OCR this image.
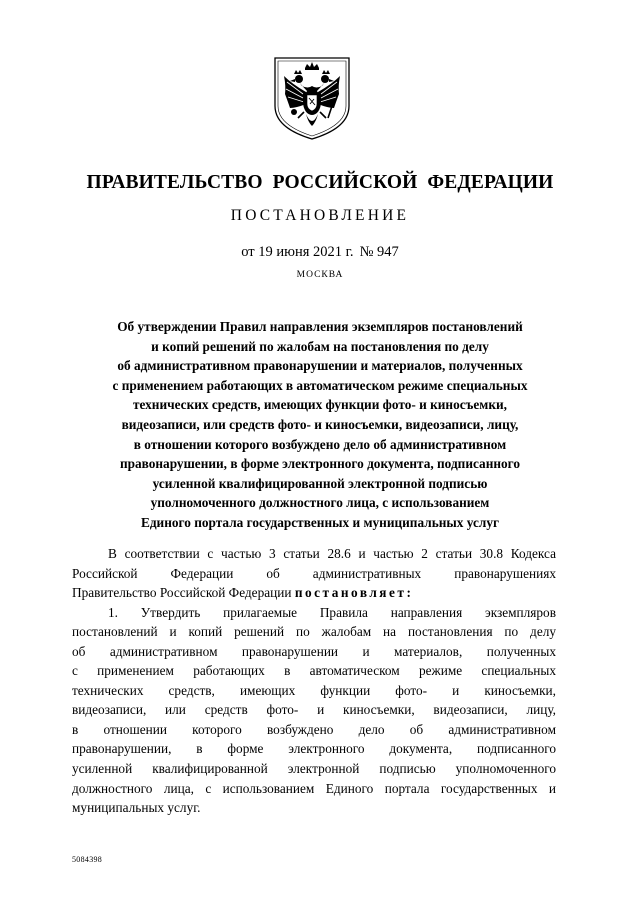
ПРАВИТЕЛЬСТВО РОССИЙСКОЙ ФЕДЕРАЦИИ
ПОСТАНОВЛЕНИЕ
от 19 июня 2021 г. № 947
МОСКВА
Об утверждении Правил направления экземпляров постановлений
и копий решений по жалобам на постановления по делу
об административном правонарушении и материалов, полученных
с применением работающих в автоматическом режиме специальных
технических средств, имеющих функции фото- и киносъемки,
видеозаписи, или средств фото- и киносъемки, видеозаписи, лицу,
в отношении которого возбуждено дело об административном
правонарушении, в форме электронного документа, подписанного
усиленной квалифицированной электронной подписью
уполномоченного должностного лица, с использованием
Единого портала государственных и муниципальных услуг
В соответствии с частью 3 статьи 28.6 и частью 2 статьи 30.8 Кодекса
Российской Федерации об административных правонарушениях
Правительство Российской Федерации постановляет:
1. Утвердить прилагаемые Правила направления экземпляров
постановлений и копий решений по жалобам на постановления по делу
об административном правонарушении и материалов, полученных
с применением работающих в автоматическом режиме специальных
технических средств, имеющих функции фото- и киносъемки,
видеозаписи, или средств фото- и киносъемки, видеозаписи, лицу,
в отношении которого возбуждено дело об административном
правонарушении, в форме электронного документа, подписанного
усиленной квалифицированной электронной подписью уполномоченного
должностного лица, с использованием Единого портала государственных и
муниципальных услуг.
5084398
